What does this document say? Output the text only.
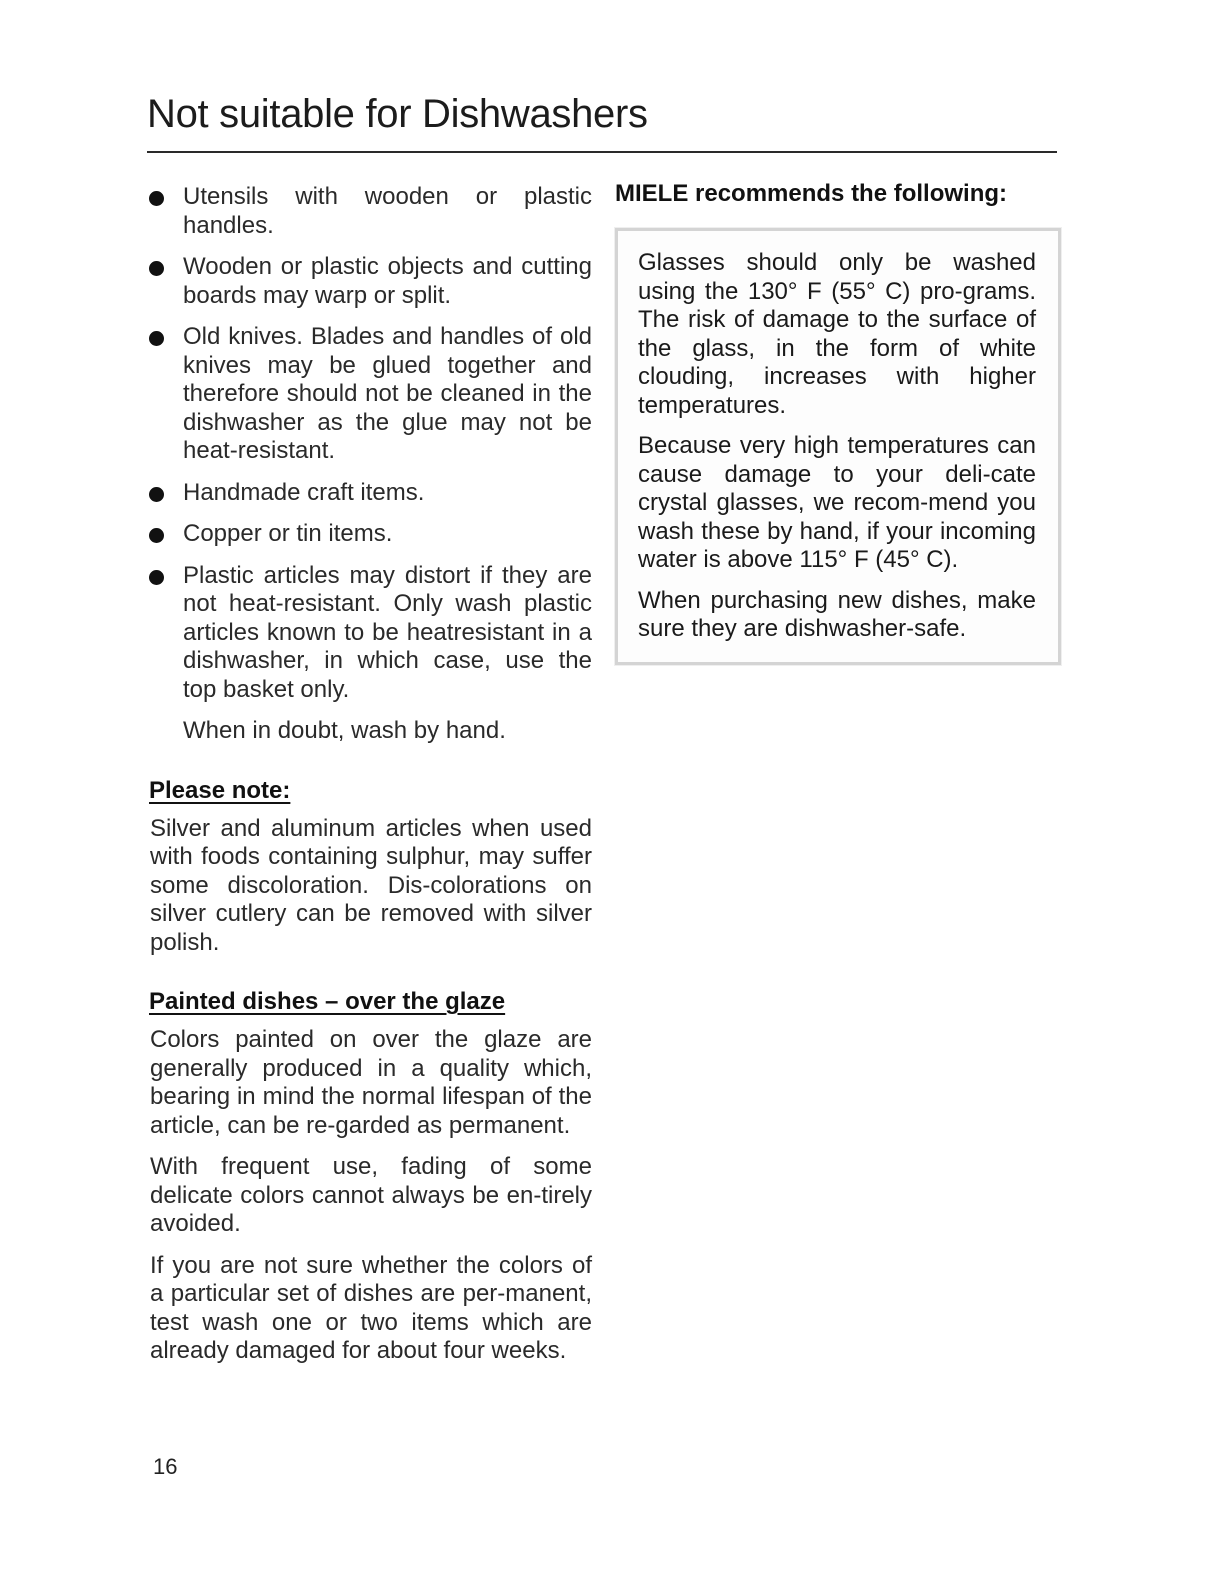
Not suitable for Dishwashers
Utensils with wooden or plastic handles.
Wooden or plastic objects and cutting boards may warp or split.
Old knives. Blades and handles of old knives may be glued together and therefore should not be cleaned in the dishwasher as the glue may not be heat-resistant.
Handmade craft items.
Copper or tin items.
Plastic articles may distort if they are not heat-resistant. Only wash plastic articles known to be heatresistant in a dishwasher, in which case, use the top basket only.

When in doubt, wash by hand.

Please note:

Silver and aluminum articles when used with foods containing sulphur, may suffer some discoloration. Dis-colorations on silver cutlery can be removed with silver polish.

Painted dishes – over the glaze

Colors painted on over the glaze are generally produced in a quality which, bearing in mind the normal lifespan of the article, can be re-garded as permanent.

With frequent use, fading of some delicate colors cannot always be en-tirely avoided.

If you are not sure whether the colors of a particular set of dishes are per-manent, test wash one or two items which are already damaged for about four weeks.

MIELE recommends the following:

Glasses should only be washed using the 130° F (55° C) pro-grams. The risk of damage to the surface of the glass, in the form of white clouding, increases with higher temperatures.

Because very high temperatures can cause damage to your deli-cate crystal glasses, we recom-mend you wash these by hand, if your incoming water is above 115° F (45° C).

When purchasing new dishes, make sure they are dishwasher-safe.

16
